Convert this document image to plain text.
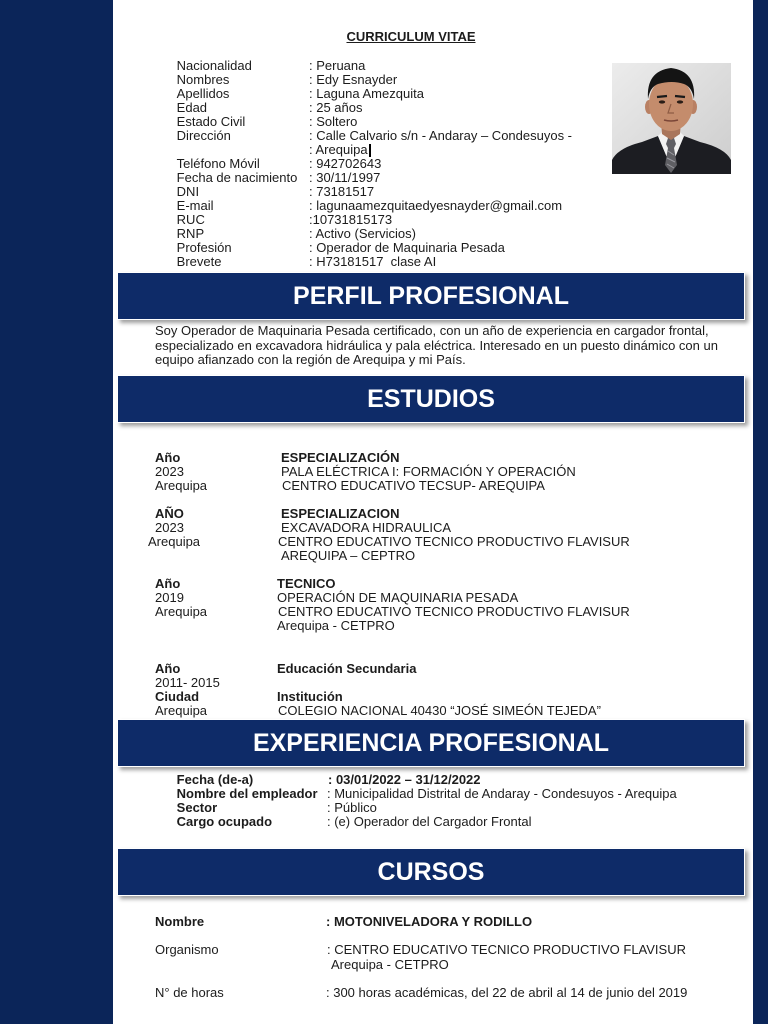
CURRICULUM VITAE

Nacionalidad

	: Peruana

Nombres

	: Edy Esnayder

Apellidos

	: Laguna Amezquita

Edad

	: 25 años

Estado Civil

	: Soltero

Dirección

	: Calle Calvario s/n - Andaray – Condesuyos -

: Arequipa

Teléfono Móvil

	: 942702643

Fecha de nacimiento

: 30/11/1997

DNI

	: 73181517

E-mail

	: lagunaamezquitaedyesnayder@gmail.com

RUC

	:10731815173

RNP

	: Activo (Servicios)

Profesión

	: Operador de Maquinaria Pesada

Brevete

	: H73181517  clase AI

PERFIL PROFESIONAL
Soy Operador de Maquinaria Pesada certificado, con un año de experiencia en cargador frontal,
especializado en excavadora hidráulica y pala eléctrica. Interesado en un puesto dinámico con un
equipo afianzado con la región de Arequipa y mi País.
ESTUDIOS

Año

	ESPECIALIZACIÓN

2023

	PALA ELÉCTRICA I: FORMACIÓN Y OPERACIÓN

Arequipa

	CENTRO EDUCATIVO TECSUP- AREQUIPA

AÑO

	ESPECIALIZACION

2023

	EXCAVADORA HIDRAULICA

Arequipa

	CENTRO EDUCATIVO TECNICO PRODUCTIVO FLAVISUR

AREQUIPA – CEPTRO

Año

	TECNICO

2019

	OPERACIÓN DE MAQUINARIA PESADA

Arequipa

	CENTRO EDUCATIVO TECNICO PRODUCTIVO FLAVISUR

Arequipa - CETPRO

Año

	Educación Secundaria

2011- 2015

Ciudad

	Institución

Arequipa

	COLEGIO NACIONAL 40430 “JOSÉ SIMEÓN TEJEDA”

EXPERIENCIA PROFESIONAL

Fecha (de-a)

	: 03/01/2022 – 31/12/2022

Nombre del empleador

: Municipalidad Distrital de Andaray - Condesuyos - Arequipa

Sector

	: Público

Cargo ocupado

	: (e) Operador del Cargador Frontal

CURSOS

Nombre

	: MOTONIVELADORA Y RODILLO

Organismo

	: CENTRO EDUCATIVO TECNICO PRODUCTIVO FLAVISUR

Arequipa - CETPRO

N° de horas

	: 300 horas académicas, del 22 de abril al 14 de junio del 2019
